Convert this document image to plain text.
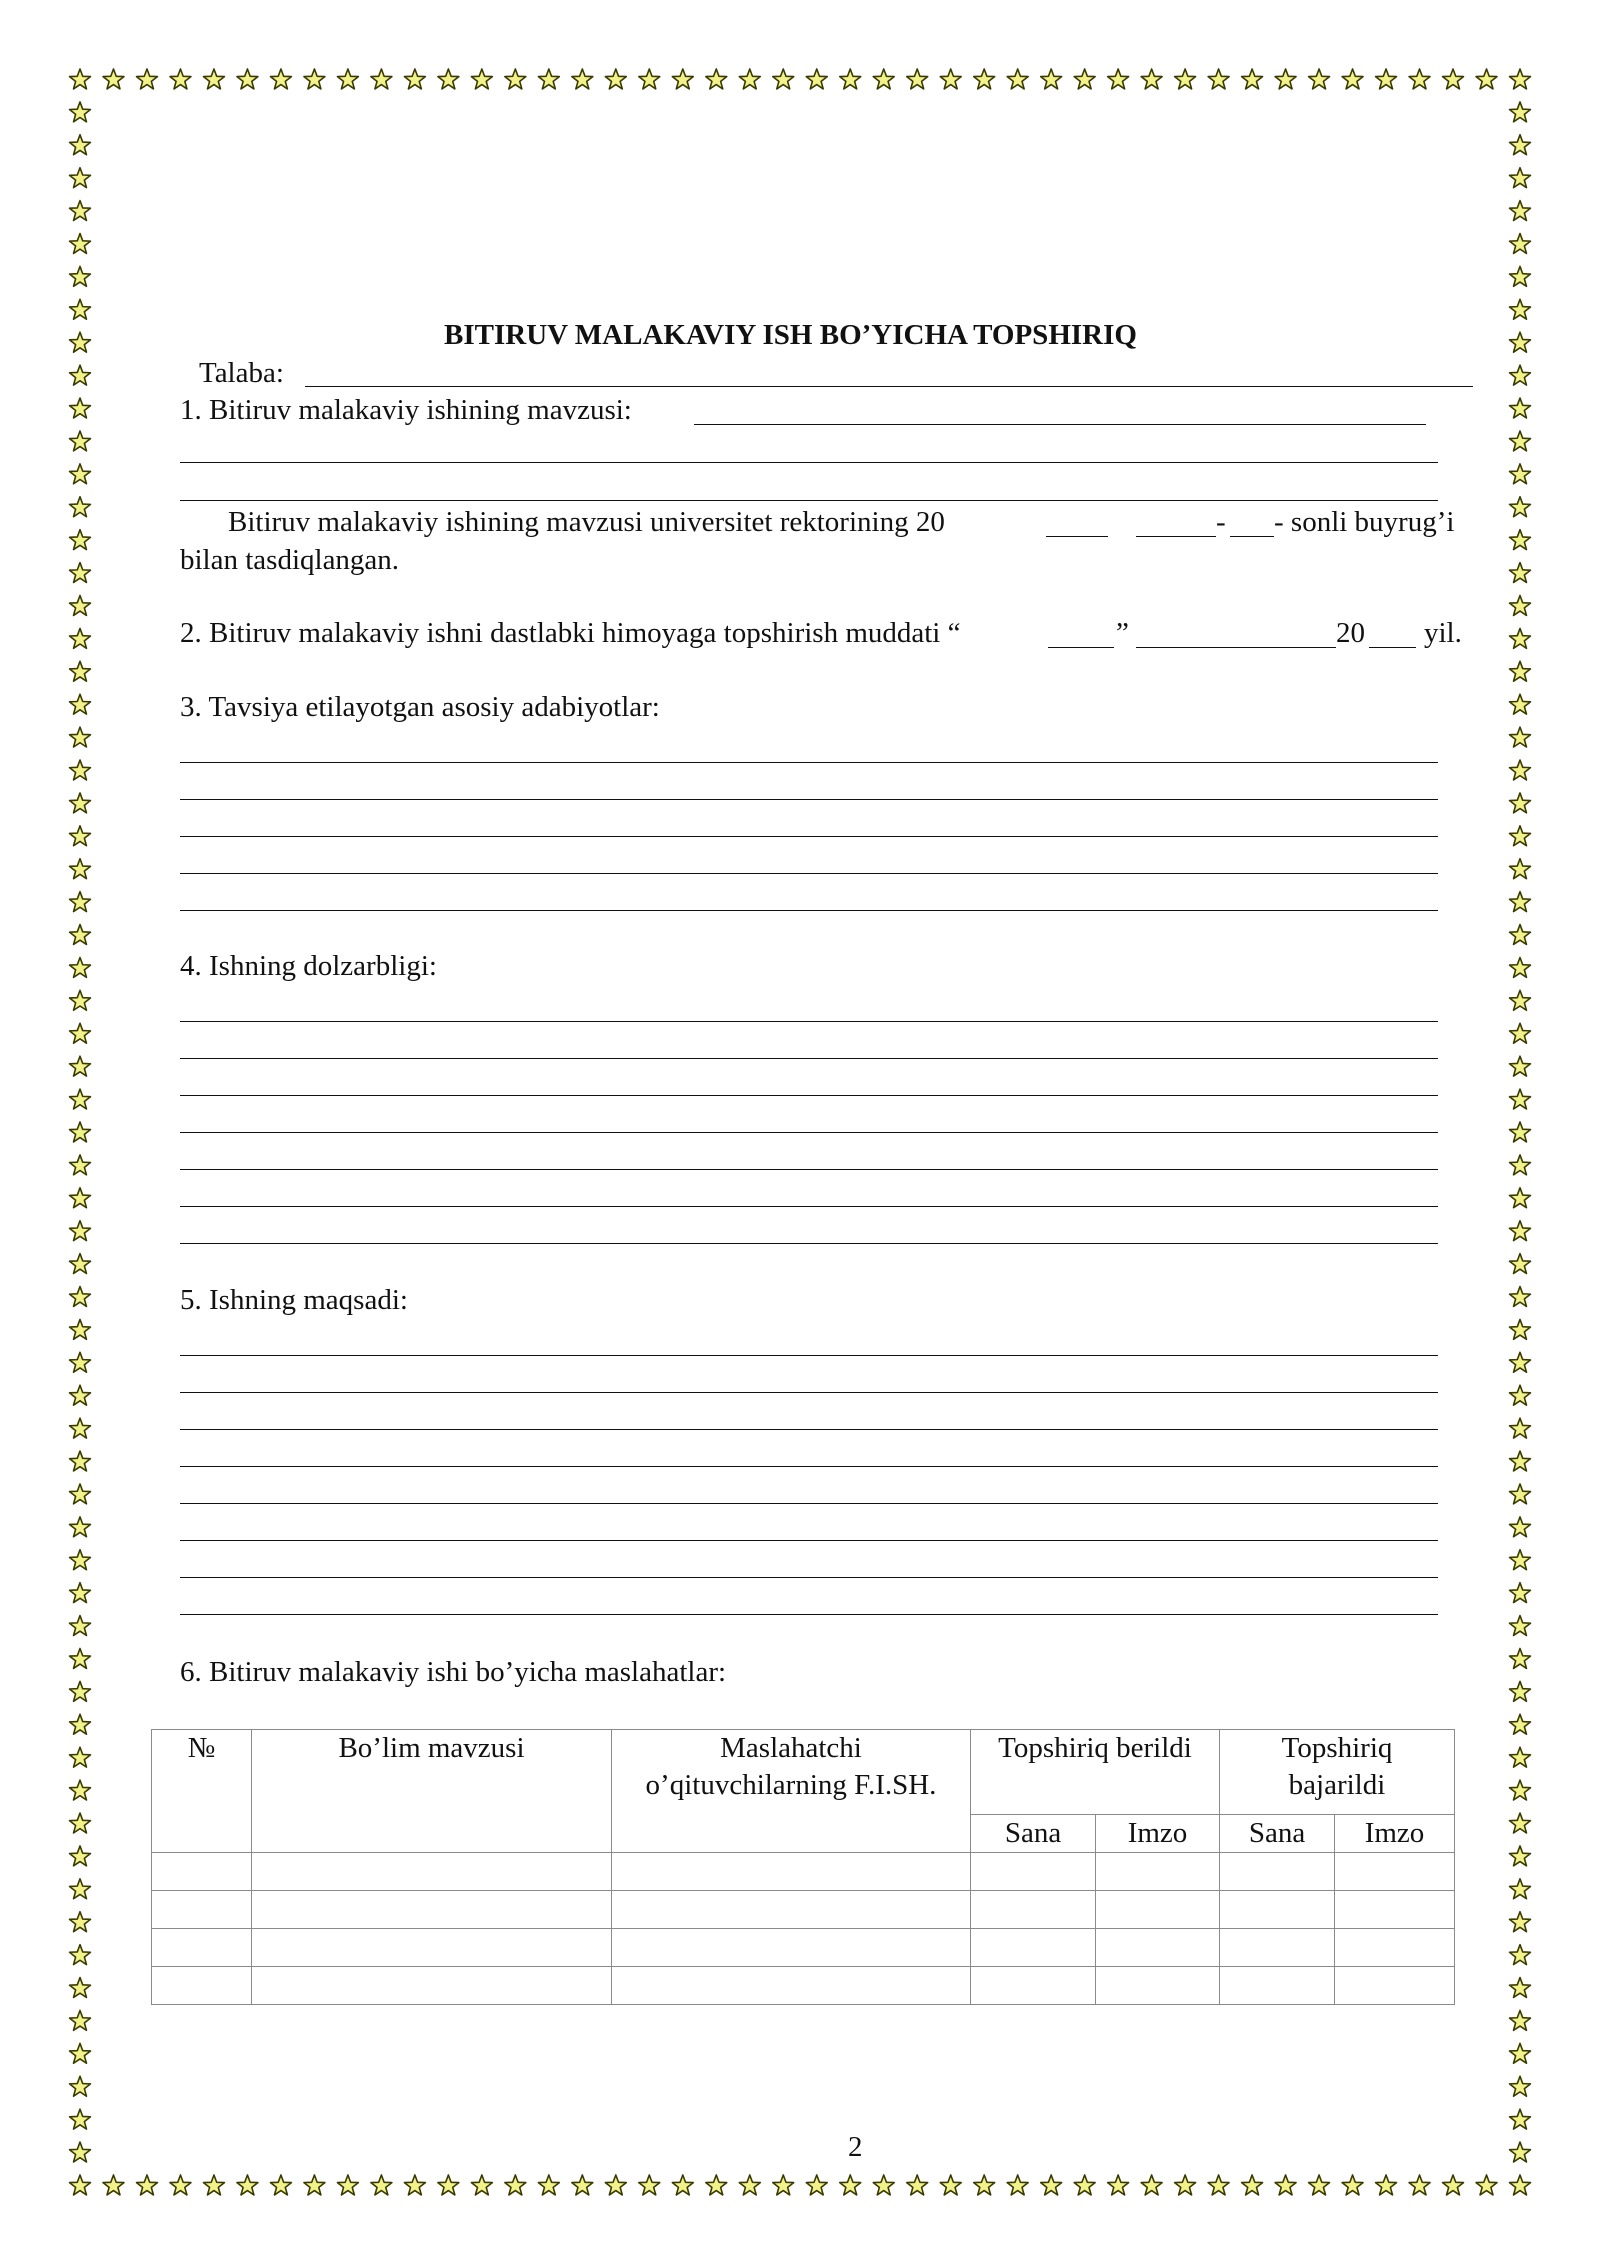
BITIRUV MALAKAVIY ISH BO’YICHA TOPSHIRIQ
Talaba:
1. Bitiruv malakaviy ishining mavzusi:
Bitiruv malakaviy ishining mavzusi universitet rektorining 20	- - sonli buyrug’i
bilan tasdiqlangan.
2. Bitiruv malakaviy ishni dastlabki himoyaga topshirish muddati “	”	20 yil.
3. Tavsiya etilayotgan asosiy adabiyotlar:
4. Ishning dolzarbligi:
5. Ishning maqsadi:
6. Bitiruv malakaviy ishi bo’yicha maslahatlar:
№	Bo’lim mavzusi	Maslahatchi o’qituvchilarning F.I.SH.	Topshiriq berildi		Topshiriq bajarildi	
			Sana	Imzo	Sana	Imzo

2
